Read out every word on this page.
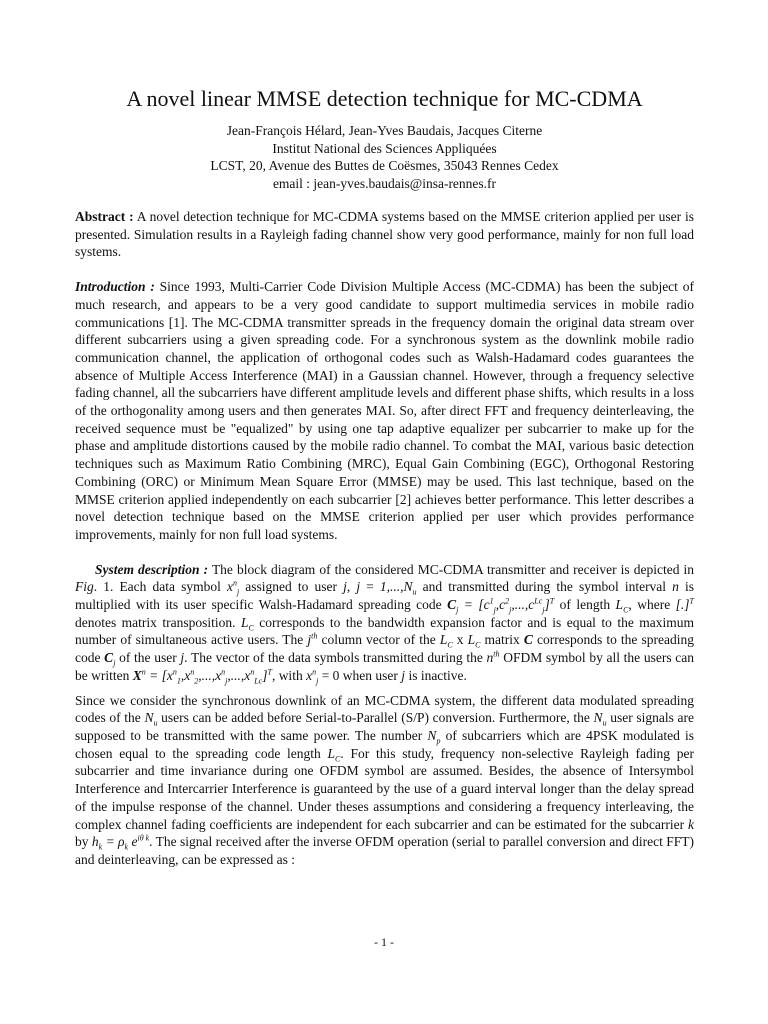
A novel linear MMSE detection technique for MC-CDMA
Jean-François Hélard, Jean-Yves Baudais, Jacques Citerne
Institut National des Sciences Appliquées
LCST, 20, Avenue des Buttes de Coësmes, 35043 Rennes Cedex
email : jean-yves.baudais@insa-rennes.fr

Abstract : A novel detection technique for MC-CDMA systems based on the MMSE criterion applied per user is presented. Simulation results in a Rayleigh fading channel show very good performance, mainly for non full load systems.

Introduction : Since 1993, Multi-Carrier Code Division Multiple Access (MC-CDMA) has been the subject of much research, and appears to be a very good candidate to support multimedia services in mobile radio communications [1]. The MC-CDMA transmitter spreads in the frequency domain the original data stream over different subcarriers using a given spreading code. For a synchronous system as the downlink mobile radio communication channel, the application of orthogonal codes such as Walsh-Hadamard codes guarantees the absence of Multiple Access Interference (MAI) in a Gaussian channel. However, through a frequency selective fading channel, all the subcarriers have different amplitude levels and different phase shifts, which results in a loss of the orthogonality among users and then generates MAI. So, after direct FFT and frequency deinterleaving, the received sequence must be "equalized" by using one tap adaptive equalizer per subcarrier to make up for the phase and amplitude distortions caused by the mobile radio channel. To combat the MAI, various basic detection techniques such as Maximum Ratio Combining (MRC), Equal Gain Combining (EGC), Orthogonal Restoring Combining (ORC) or Minimum Mean Square Error (MMSE) may be used. This last technique, based on the MMSE criterion applied independently on each subcarrier [2] achieves better performance. This letter describes a novel detection technique based on the MMSE criterion applied per user which provides performance improvements, mainly for non full load systems.

System description : The block diagram of the considered MC-CDMA transmitter and receiver is depicted in Fig. 1. Each data symbol $x^n_j$ assigned to user j, $j = 1,...,N_u$ and transmitted during the symbol interval n is multiplied with its user specific Walsh-Hadamard spreading code $C_j = [c^1_j,c^2_j,...,c^{Lc}_j]^T$ of length $L_C$, where [.]$^T$ denotes matrix transposition. $L_C$ corresponds to the bandwidth expansion factor and is equal to the maximum number of simultaneous active users. The $j^{th}$ column vector of the $L_C$ x $L_C$ matrix C corresponds to the spreading code $C_j$ of the user j. The vector of the data symbols transmitted during the $n^{th}$ OFDM symbol by all the users can be written $X^n = [x^n_1,x^n_2,...,x^n_j,...,x^n_{Lc}]^T$, with $x^n_j = 0$ when user j is inactive.

Since we consider the synchronous downlink of an MC-CDMA system, the different data modulated spreading codes of the $N_u$ users can be added before Serial-to-Parallel (S/P) conversion. Furthermore, the $N_u$ user signals are supposed to be transmitted with the same power. The number $N_p$ of subcarriers which are 4PSK modulated is chosen equal to the spreading code length $L_C$. For this study, frequency non-selective Rayleigh fading per subcarrier and time invariance during one OFDM symbol are assumed. Besides, the absence of Intersymbol Interference and Intercarrier Interference is guaranteed by the use of a guard interval longer than the delay spread of the impulse response of the channel. Under theses assumptions and considering a frequency interleaving, the complex channel fading coefficients are independent for each subcarrier and can be estimated for the subcarrier k by $h_k = \rho_k$ $e^{i\theta k}$. The signal received after the inverse OFDM operation (serial to parallel conversion and direct FFT) and deinterleaving, can be expressed as :

- 1 -
